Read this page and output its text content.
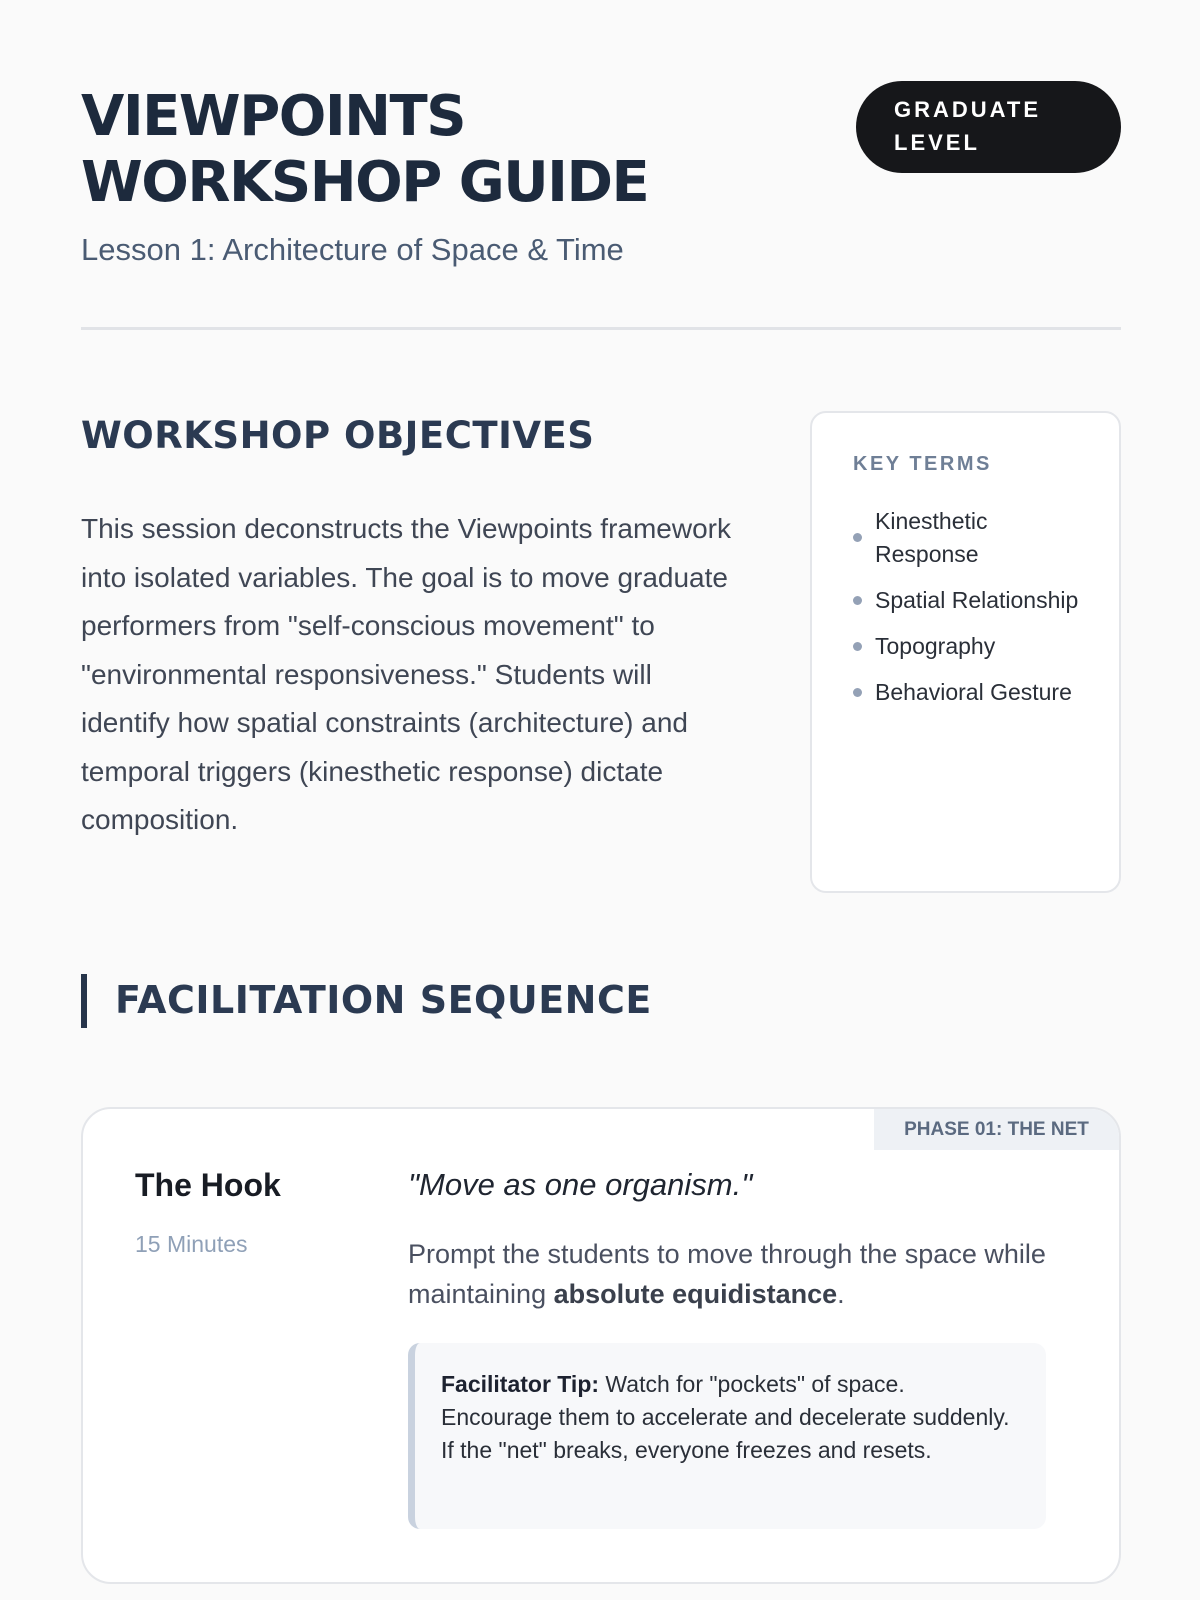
VIEWPOINTS WORKSHOP GUIDE
Lesson 1: Architecture of Space & Time
GRADUATE LEVEL
WORKSHOP OBJECTIVES

This session deconstructs the Viewpoints framework into isolated variables. The goal is to move graduate performers from "self-conscious movement" to "environmental responsiveness." Students will identify how spatial constraints (architecture) and temporal triggers (kinesthetic response) dictate composition.

KEY TERMS
Kinesthetic Response
Spatial Relationship
Topography
Behavioral Gesture
FACILITATION SEQUENCE
PHASE 01: THE NET
The Hook
15 Minutes

"Move as one organism."

Prompt the students to move through the space while maintaining absolute equidistance.

Facilitator Tip: Watch for "pockets" of space. Encourage them to accelerate and decelerate suddenly. If the "net" breaks, everyone freezes and resets.
